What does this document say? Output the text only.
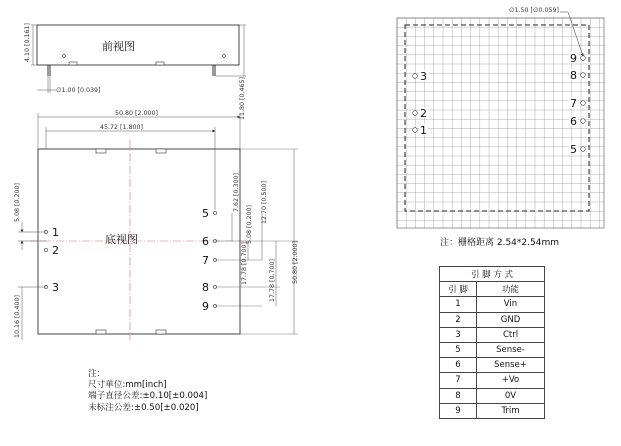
前视图
4.10 [0.161]
11.80 [0.465]
∅1.00 [0.039]
底视图
1
2
3
5
6
7
8
9
50.80 [2.000]
45.72 [1.800]
5.08 [0.200]
10.16 [0.400]
7.62 [0.300]
5.08 [0.200]
12.70 [0.500]
17.78 [0.700]	17.78 [0.700]	50.80 [2.000]
3
2
1
9
8
7
6
5
∅1.50 [∅0.059]
注：栅格距离 2.54*2.54mm
注：
尺寸单位:mm[inch]
端子直径公差:±0.10[±0.004]
未标注公差:±0.50[±0.020]
引 脚 方 式	
引 脚	功能
1	Vin
2	GND
3	Ctrl
5	Sense-
6	Sense+
7	+Vo
8	0V
9	Trim
